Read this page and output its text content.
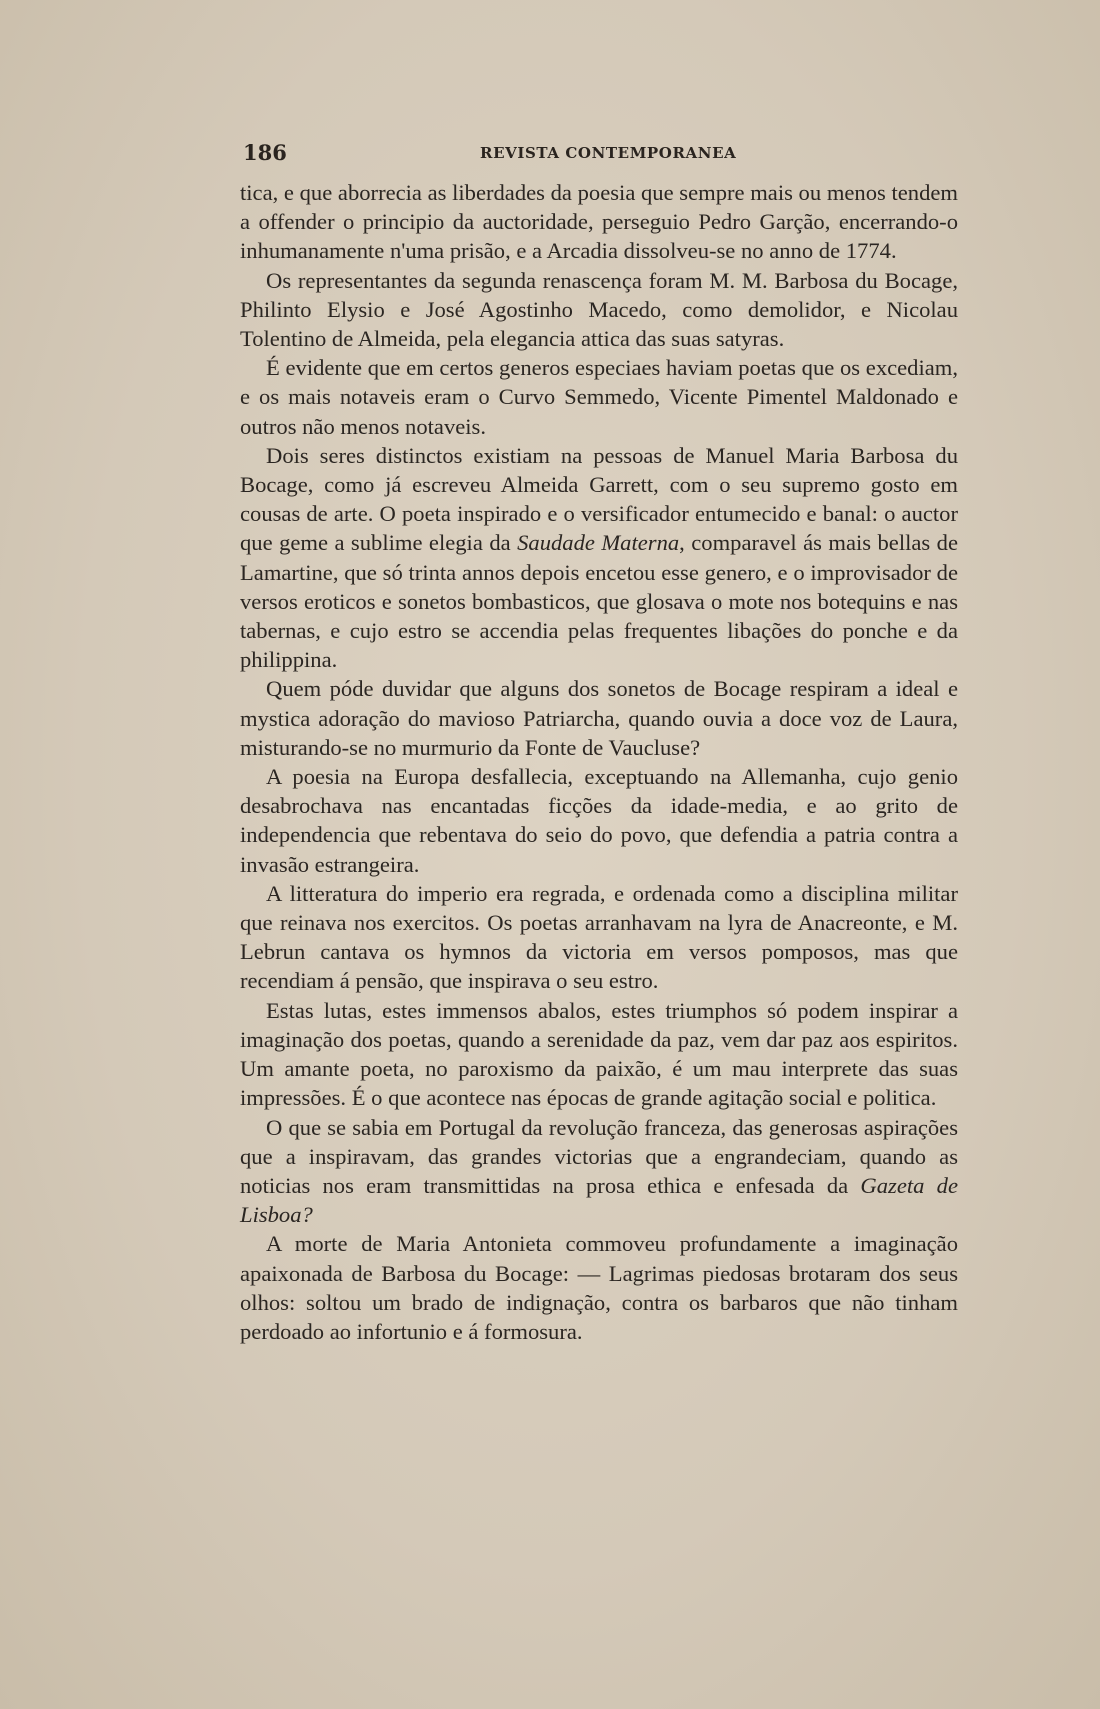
186	REVISTA CONTEMPORANEA

tica, e que aborrecia as liberdades da poesia que sempre mais ou menos tendem a offender o principio da auctoridade, perseguio Pedro Garção, encerrando-o inhumanamente n'uma prisão, e a Arcadia dissolveu-se no anno de 1774.

Os representantes da segunda renascença foram M. M. Barbosa du Bocage, Philinto Elysio e José Agostinho Macedo, como demolidor, e Nicolau Tolentino de Almeida, pela elegancia attica das suas satyras.

É evidente que em certos generos especiaes haviam poetas que os excediam, e os mais notaveis eram o Curvo Semmedo, Vicente Pimentel Maldonado e outros não menos notaveis.

Dois seres distinctos existiam na pessoas de Manuel Maria Barbosa du Bocage, como já escreveu Almeida Garrett, com o seu supremo gosto em cousas de arte. O poeta inspirado e o versificador entumecido e banal: o auctor que geme a sublime elegia da Saudade Materna, comparavel ás mais bellas de Lamartine, que só trinta annos depois encetou esse genero, e o improvisador de versos eroticos e sonetos bombasticos, que glosava o mote nos botequins e nas tabernas, e cujo estro se accendia pelas frequentes libações do ponche e da philippina.

Quem póde duvidar que alguns dos sonetos de Bocage respiram a ideal e mystica adoração do mavioso Patriarcha, quando ouvia a doce voz de Laura, misturando-se no murmurio da Fonte de Vaucluse?

A poesia na Europa desfallecia, exceptuando na Allemanha, cujo genio desabrochava nas encantadas ficções da idade-media, e ao grito de independencia que rebentava do seio do povo, que defendia a patria contra a invasão estrangeira.

A litteratura do imperio era regrada, e ordenada como a disciplina militar que reinava nos exercitos. Os poetas arranhavam na lyra de Anacreonte, e M. Lebrun cantava os hymnos da victoria em versos pomposos, mas que recendiam á pensão, que inspirava o seu estro.

Estas lutas, estes immensos abalos, estes triumphos só podem inspirar a imaginação dos poetas, quando a serenidade da paz, vem dar paz aos espiritos. Um amante poeta, no paroxismo da paixão, é um mau interprete das suas impressões. É o que acontece nas épocas de grande agitação social e politica.

O que se sabia em Portugal da revolução franceza, das generosas aspirações que a inspiravam, das grandes victorias que a engrandeciam, quando as noticias nos eram transmittidas na prosa ethica e enfesada da Gazeta de Lisboa?

A morte de Maria Antonieta commoveu profundamente a imaginação apaixonada de Barbosa du Bocage: — Lagrimas piedosas brotaram dos seus olhos: soltou um brado de indignação, contra os barbaros que não tinham perdoado ao infortunio e á formosura.
